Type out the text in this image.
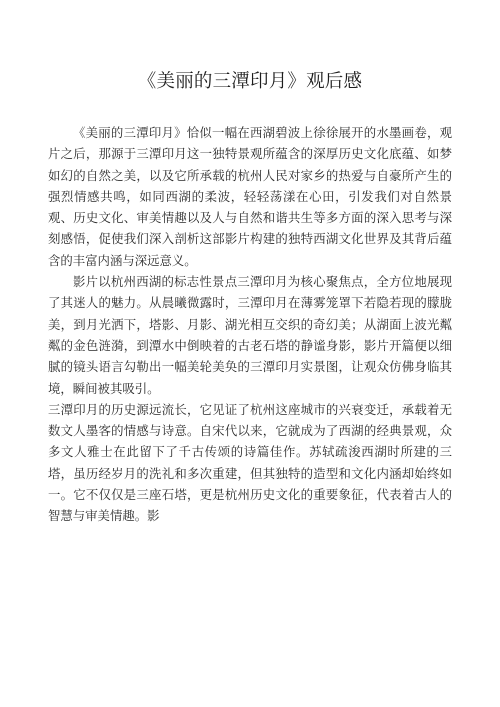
《美丽的三潭印月》观后感

《美丽的三潭印月》恰似一幅在西湖碧波上徐徐展开的水墨画卷，观片之后，那源于三潭印月这一独特景观所蕴含的深厚历史文化底蕴、如梦如幻的自然之美，以及它所承载的杭州人民对家乡的热爱与自豪所产生的强烈情感共鸣，如同西湖的柔波，轻轻荡漾在心田，引发我们对自然景观、历史文化、审美情趣以及人与自然和谐共生等多方面的深入思考与深刻感悟，促使我们深入剖析这部影片构建的独特西湖文化世界及其背后蕴含的丰富内涵与深远意义。

影片以杭州西湖的标志性景点三潭印月为核心聚焦点，全方位地展现了其迷人的魅力。从晨曦微露时，三潭印月在薄雾笼罩下若隐若现的朦胧美，到月光洒下，塔影、月影、湖光相互交织的奇幻美；从湖面上波光粼粼的金色涟漪，到潭水中倒映着的古老石塔的静谧身影，影片开篇便以细腻的镜头语言勾勒出一幅美轮美奂的三潭印月实景图，让观众仿佛身临其境，瞬间被其吸引。

三潭印月的历史源远流长，它见证了杭州这座城市的兴衰变迁，承载着无数文人墨客的情感与诗意。自宋代以来，它就成为了西湖的经典景观，众多文人雅士在此留下了千古传颂的诗篇佳作。苏轼疏浚西湖时所建的三塔，虽历经岁月的洗礼和多次重建，但其独特的造型和文化内涵却始终如一。它不仅仅是三座石塔，更是杭州历史文化的重要象征，代表着古人的智慧与审美情趣。影
